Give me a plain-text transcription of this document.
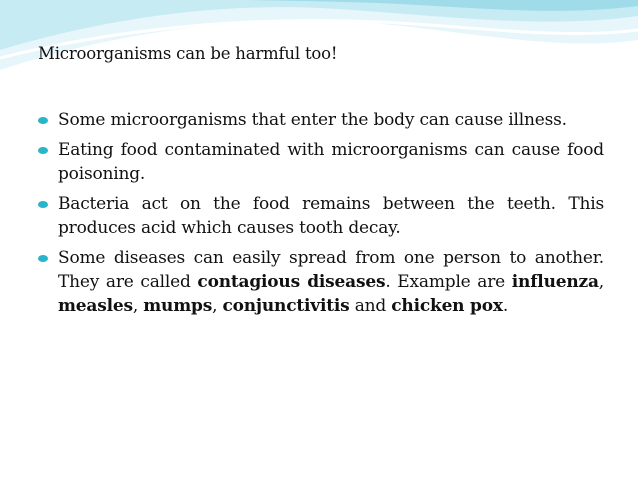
Microorganisms can be harmful too!
Some microorganisms that enter the body can cause illness.
Eating food contaminated with microorganisms can cause food poisoning.
Bacteria act on the food remains between the teeth. This produces acid which causes tooth decay.
Some diseases can easily spread from one person to another. They are called contagious diseases. Example are influenza, measles, mumps, conjunctivitis and chicken pox.
